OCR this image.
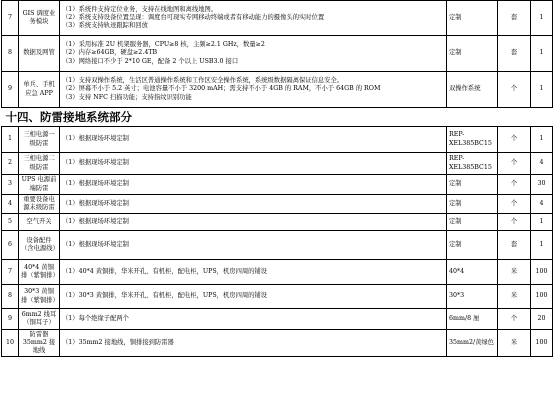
7	GIS 调度业务模块	（1）系统件支持定位业务，支持在线地图和离线地图。
（2）系统支持设备位置呈现：调度台可现实专网移动终端或者有移动能力的摄像头的实时位置
（3）系统支持轨迹跟踪和回放	定制	套	1
8	数据及网管	（1）采用标准 2U 机架服务器，CPU≥8 核，主频≥2.1 GHz，数量≥2
（2）内存≥64GB，硬盘≥2.4TB
（3）网络接口不少于 2*10 GE，配备 2 个以上 USB3.0 接口	定制	套	1
9	单兵、手机应急 APP	（1）支持双操作系统，生活区普通操作系统和工作区安全操作系统，系统级数据隔离保证信息安全。
（2）屏幕不小于 5.2 英寸；电池容量不小于 3200 mAH；需支持不小于 4GB 的 RAM，不小于 64GB 的 ROM
（3）支持 NFC 扫描功能；支持指纹识别功能	双操作系统	个	1
十四、防雷接地系统部分					
1	三相电源一级防雷	（1）根据现场环境定制	REP-XEL385BC15	个	1
2	三相电源二级防雷	（1）根据现场环境定制	REP-XEL385BC15	个	4
3	UPS 电源前端防雷	（1）根据现场环境定制	定制	个	30
4	重要设备电源末级防雷	（1）根据现场环境定制	定制	个	4
5	空气开关	（1）根据现场环境定制	定制	个	1
6	设备配件（含电源线）	（1）根据现场环境定制	定制	套	1
7	40*4 黄铜排（紫铜排）	（1）40*4 黄铜排，华米开孔，有机柜，配电柜，UPS，机房四周的铺设	40*4	米	100
8	30*3 黄铜排（紫铜排）	（1）30*3 黄铜排，华米开孔，有机柜，配电柜，UPS，机房四周的铺设	30*3	米	100
9	6mm2 线耳（铜耳子）	（1）每个绝缘子配两个	6mm/8 厘	个	20
10	防雷器 35mm2 接地线	（1）35mm2 接地线，铜排接到防雷器	35mm2/黄绿色	米	100
